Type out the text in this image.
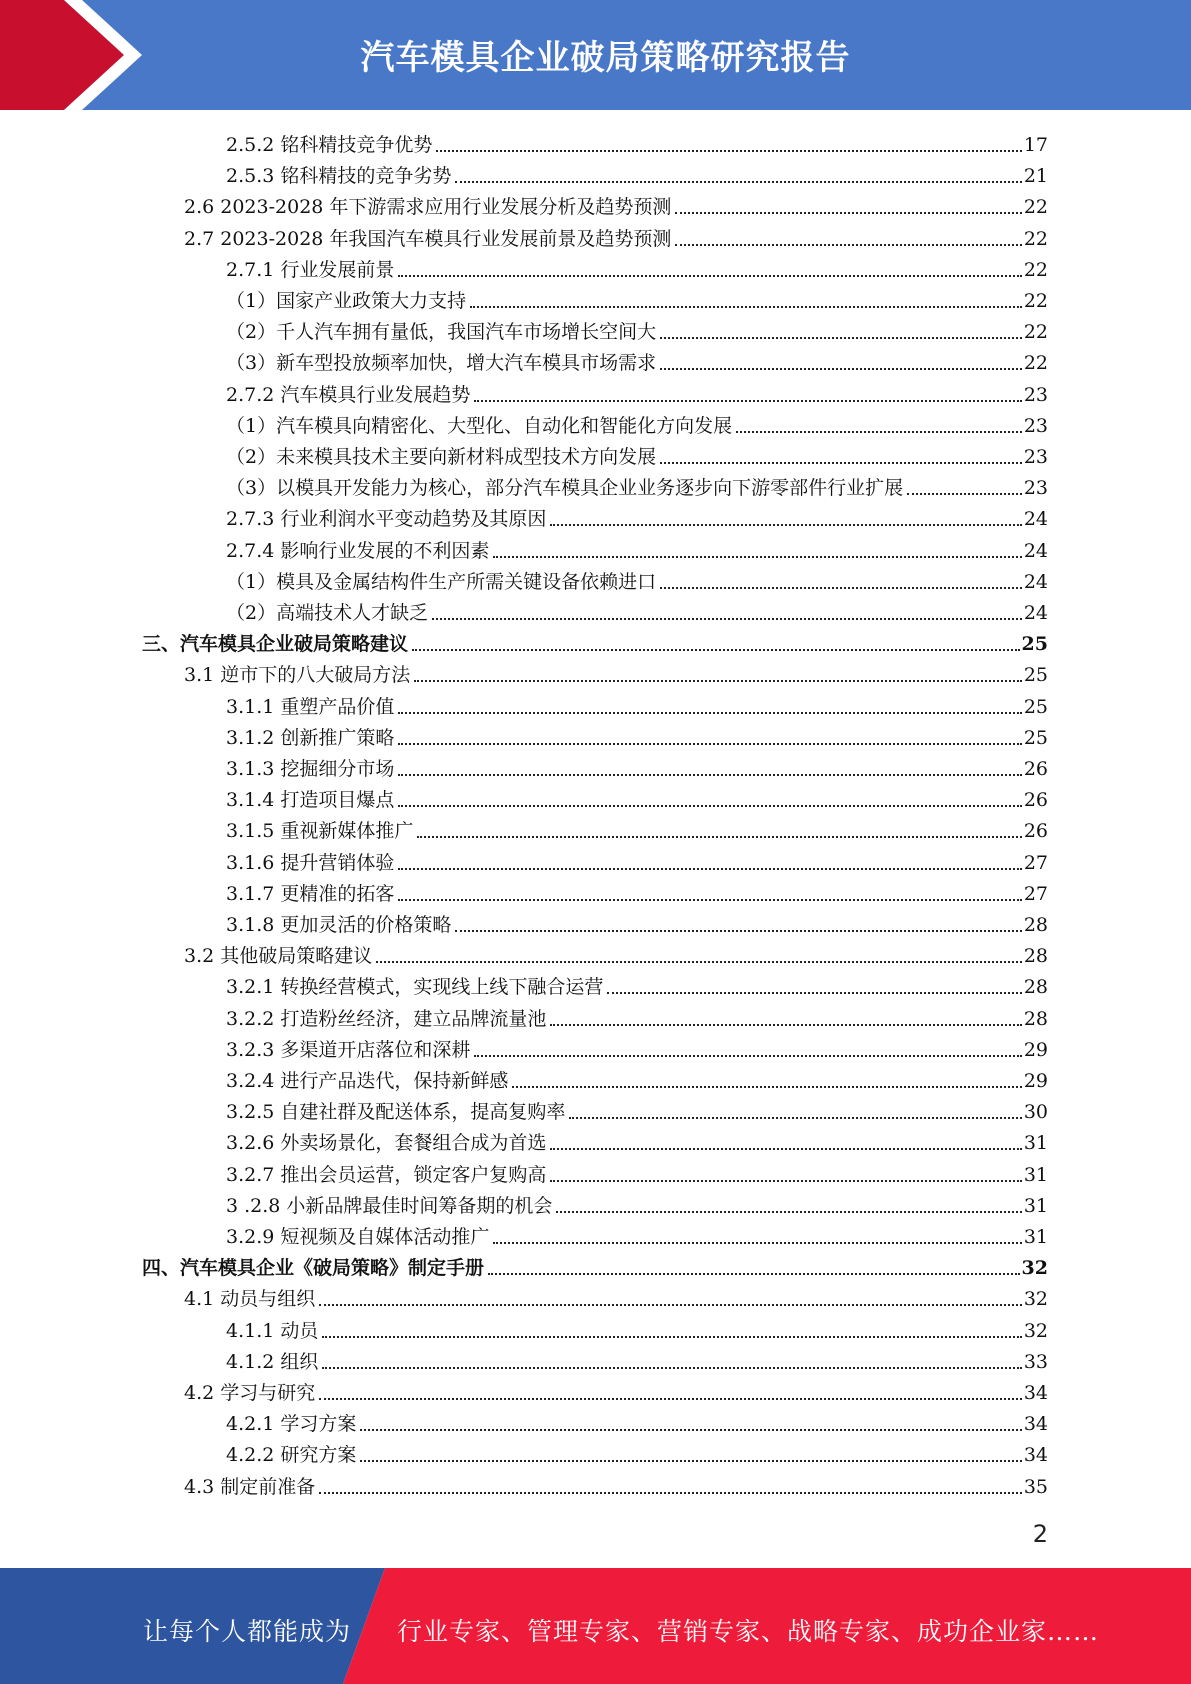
汽车模具企业破局策略研究报告
2.5.2 铭科精技竞争优势	17
2.5.3 铭科精技的竞争劣势	21
2.6 2023-2028 年下游需求应用行业发展分析及趋势预测	22
2.7 2023-2028 年我国汽车模具行业发展前景及趋势预测	22
2.7.1 行业发展前景	22
（1）国家产业政策大力支持	22
（2）千人汽车拥有量低，我国汽车市场增长空间大	22
（3）新车型投放频率加快，增大汽车模具市场需求	22
2.7.2 汽车模具行业发展趋势	23
（1）汽车模具向精密化、大型化、自动化和智能化方向发展	23
（2）未来模具技术主要向新材料成型技术方向发展	23
（3）以模具开发能力为核心，部分汽车模具企业业务逐步向下游零部件行业扩展	23
2.7.3 行业利润水平变动趋势及其原因	24
2.7.4 影响行业发展的不利因素	24
（1）模具及金属结构件生产所需关键设备依赖进口	24
（2）高端技术人才缺乏	24
三、汽车模具企业破局策略建议	25
3.1 逆市下的八大破局方法	25
3.1.1 重塑产品价值	25
3.1.2 创新推广策略	25
3.1.3 挖掘细分市场	26
3.1.4 打造项目爆点	26
3.1.5 重视新媒体推广	26
3.1.6 提升营销体验	27
3.1.7 更精准的拓客	27
3.1.8 更加灵活的价格策略	28
3.2 其他破局策略建议	28
3.2.1 转换经营模式，实现线上线下融合运营	28
3.2.2 打造粉丝经济，建立品牌流量池	28
3.2.3 多渠道开店落位和深耕	29
3.2.4 进行产品迭代，保持新鲜感	29
3.2.5 自建社群及配送体系，提高复购率	30
3.2.6 外卖场景化，套餐组合成为首选	31
3.2.7 推出会员运营，锁定客户复购高	31
3 .2.8 小新品牌最佳时间筹备期的机会	31
3.2.9 短视频及自媒体活动推广	31
四、汽车模具企业《破局策略》制定手册	32
4.1 动员与组织	32
4.1.1 动员	32
4.1.2 组织	33
4.2 学习与研究	34
4.2.1 学习方案	34
4.2.2 研究方案	34
4.3 制定前准备	35
2
让每个人都能成为 行业专家、管理专家、营销专家、战略专家、成功企业家……
